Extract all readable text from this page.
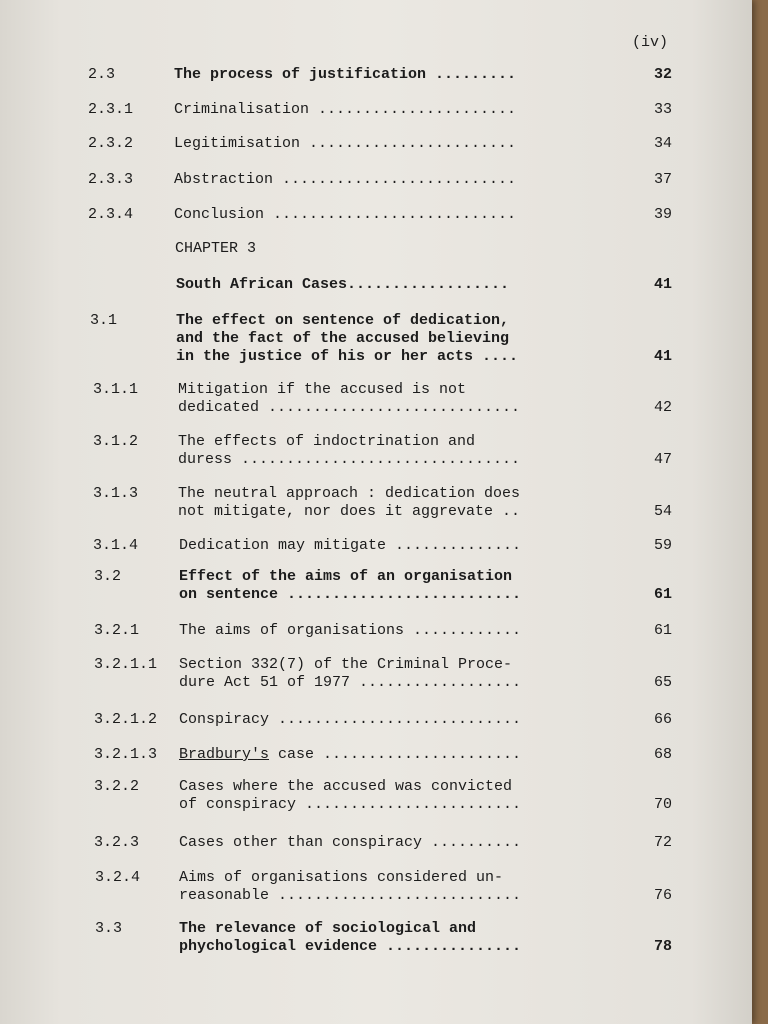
(iv)
CHAPTER 3
2.3	The process of justification .........	32
2.3.1	Criminalisation ......................	33
2.3.2	Legitimisation .......................	34
2.3.3	Abstraction ..........................	37
2.3.4	Conclusion ...........................	39
South African Cases..................	41
3.1	The effect on sentence of dedication,
and the fact of the accused believing
in the justice of his or her acts ....	41
3.1.1	Mitigation if the accused is not
dedicated ............................	42
3.1.2	The effects of indoctrination and
duress ...............................	47
3.1.3	The neutral approach : dedication does
not mitigate, nor does it aggrevate ..	54
3.1.4	Dedication may mitigate ..............	59
3.2	Effect of the aims of an organisation
on sentence ..........................	61
3.2.1	The aims of organisations ............	61
3.2.1.1 Section 332(7) of the Criminal Proce-
dure Act 51 of 1977 ..................	65
3.2.1.2 Conspiracy ...........................	66
3.2.1.3 Bradbury's case ......................	68
3.2.2	Cases where the accused was convicted
of conspiracy ........................	70
3.2.3	Cases other than conspiracy ..........	72
3.2.4	Aims of organisations considered un-
reasonable ...........................	76
3.3	The relevance of sociological and
phychological evidence ...............	78
